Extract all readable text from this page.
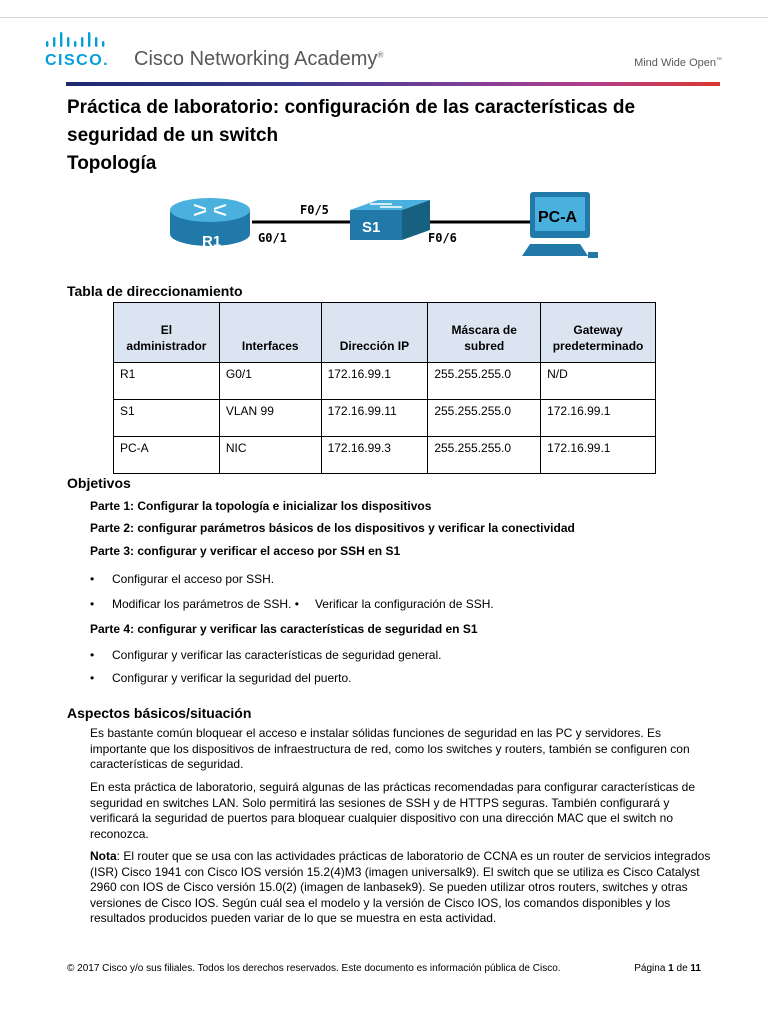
CISCO. Cisco Networking Academy®
Mind Wide Open™
Práctica de laboratorio: configuración de las características de seguridad de un switch
Topología
R1
S1
PC-A
F0/5
G0/1	F0/6
Tabla de direccionamiento
El administrador	Interfaces	Dirección IP	Máscara de subred	Gateway predeterminado
R1	G0/1	172.16.99.1	255.255.255.0	N/D
S1	VLAN 99	172.16.99.11	255.255.255.0	172.16.99.1
PC-A	NIC	172.16.99.3	255.255.255.0	172.16.99.1
Objetivos

Parte 1: Configurar la topología e inicializar los dispositivos

Parte 2: configurar parámetros básicos de los dispositivos y verificar la conectividad

Parte 3: configurar y verificar el acceso por SSH en S1

• Configurar el acceso por SSH.

• Modificar los parámetros de SSH. • Verificar la configuración de SSH.

Parte 4: configurar y verificar las características de seguridad en S1

• Configurar y verificar las características de seguridad general.

• Configurar y verificar la seguridad del puerto.

Aspectos básicos/situación

Es bastante común bloquear el acceso e instalar sólidas funciones de seguridad en las PC y servidores. Es importante que los dispositivos de infraestructura de red, como los switches y routers, también se configuren con características de seguridad.

En esta práctica de laboratorio, seguirá algunas de las prácticas recomendadas para configurar características de seguridad en switches LAN. Solo permitirá las sesiones de SSH y de HTTPS seguras. También configurará y verificará la seguridad de puertos para bloquear cualquier dispositivo con una dirección MAC que el switch no reconozca.

Nota: El router que se usa con las actividades prácticas de laboratorio de CCNA es un router de servicios integrados (ISR) Cisco 1941 con Cisco IOS versión 15.2(4)M3 (imagen universalk9). El switch que se utiliza es Cisco Catalyst 2960 con IOS de Cisco versión 15.0(2) (imagen de lanbasek9). Se pueden utilizar otros routers, switches y otras versiones de Cisco IOS. Según cuál sea el modelo y la versión de Cisco IOS, los comandos disponibles y los resultados producidos pueden variar de lo que se muestra en esta actividad.

© 2017 Cisco y/o sus filiales. Todos los derechos reservados. Este documento es información pública de Cisco.	Página 1 de 11
